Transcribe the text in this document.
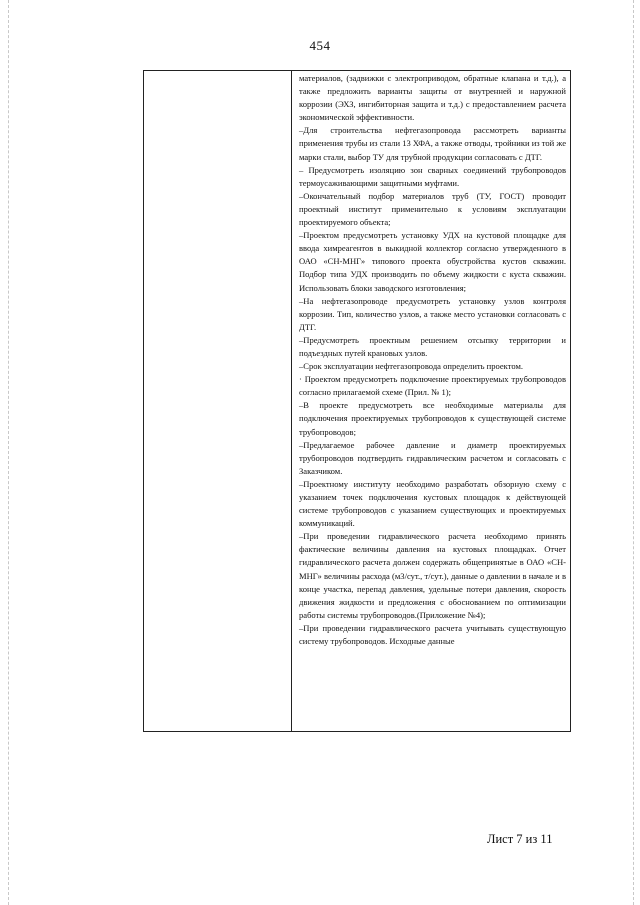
454

материалов, (задвижки с электроприводом, обратные клапана и т.д.), а также предложить варианты защиты от внутренней и наружной коррозии (ЭХЗ, ингибиторная защита и т.д.) с предоставлением расчета экономической эффективности.

–Для строительства нефтегазопровода рассмотреть варианты применения трубы из стали 13 ХФА, а также отводы, тройники из той же марки стали, выбор ТУ для трубной продукции согласовать с ДТГ.

– Предусмотреть изоляцию зон сварных соединений трубопроводов термоусаживающими защитными муфтами.

–Окончательный подбор материалов труб (ТУ, ГОСТ) проводит проектный институт применительно к условиям эксплуатации проектируемого объекта;

–Проектом предусмотреть установку УДХ на кустовой площадке для ввода химреагентов в выкидной коллектор согласно утвержденного в ОАО «СН-МНГ» типового проекта обустройства кустов скважин. Подбор типа УДХ производить по объему жидкости с куста скважин. Использовать блоки заводского изготовления;

–На нефтегазопроводе предусмотреть установку узлов контроля коррозии. Тип, количество узлов, а также место установки согласовать с ДТГ.

–Предусмотреть проектным решением отсыпку территории и подъездных путей крановых узлов.

–Срок эксплуатации нефтегазопровода определить проектом.

· Проектом предусмотреть подключение проектируемых трубопроводов согласно прилагаемой схеме (Прил. № 1);

–В проекте предусмотреть все необходимые материалы для подключения проектируемых трубопроводов к существующей системе трубопроводов;

–Предлагаемое рабочее давление и диаметр проектируемых трубопроводов подтвердить гидравлическим расчетом и согласовать с Заказчиком.

–Проектному институту необходимо разработать обзорную схему с указанием точек подключения кустовых площадок к действующей системе трубопроводов с указанием существующих и проектируемых коммуникаций.

–При проведении гидравлического расчета необходимо принять фактические величины давления на кустовых площадках. Отчет гидравлического расчета должен содержать общепринятые в ОАО «СН-МНГ» величины расхода (м3/сут., т/сут.), данные о давлении в начале и в конце участка, перепад давления, удельные потери давления, скорость движения жидкости и предложения с обоснованием по оптимизации работы системы трубопроводов.(Приложение №4);

–При проведении гидравлического расчета учитывать существующую систему трубопроводов. Исходные данные

Лист 7 из 11
